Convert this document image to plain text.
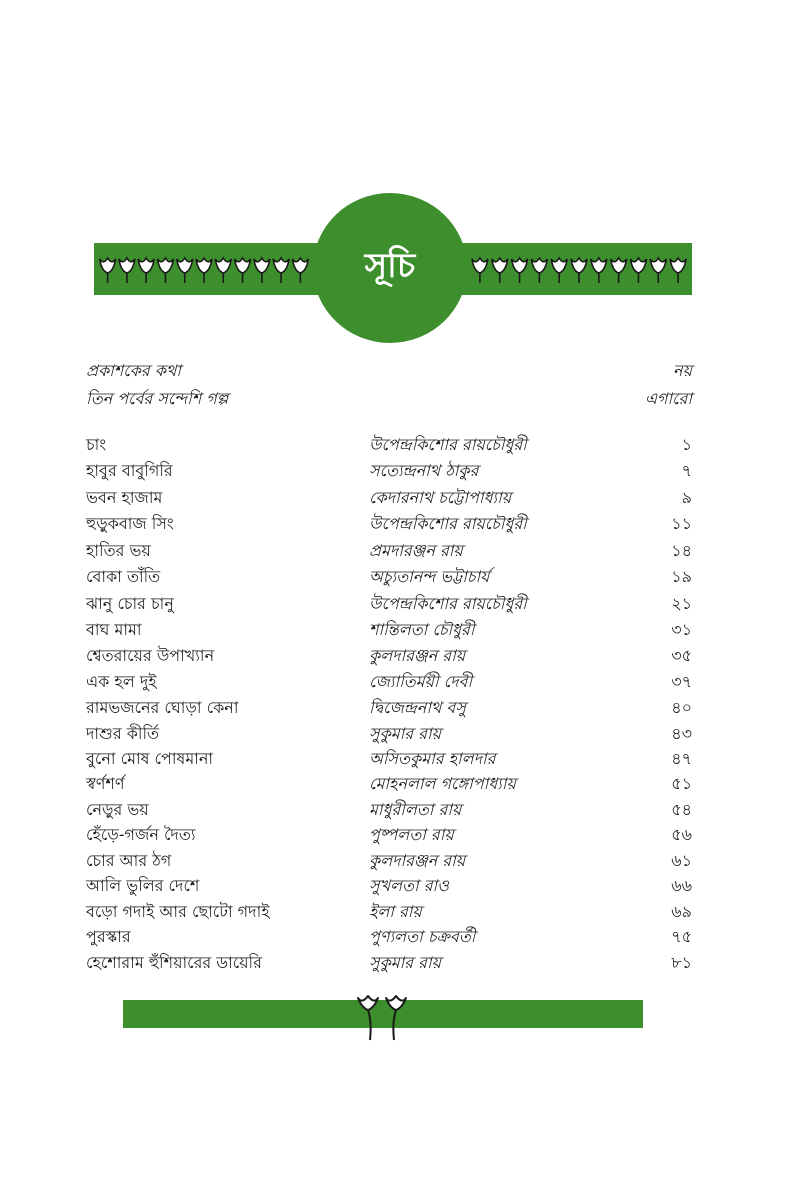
সূচি
প্রকাশকের কথা	নয়
তিন পর্বের সন্দেশি গল্প	এগারো
চাং	উপেন্দ্রকিশোর রায়চৌধুরী	১
হাবুর বাবুগিরি	সত্যেন্দ্রনাথ ঠাকুর	৭
ভবন হাজাম	কেদারনাথ চট্টোপাধ্যায়	৯
হুড়ুকবাজ সিং	উপেন্দ্রকিশোর রায়চৌধুরী	১১
হাতির ভয়	প্রমদারঞ্জন রায়	১৪
বোকা তাঁতি	অচ্যুতানন্দ ভট্টাচার্য	১৯
ঝানু চোর চানু	উপেন্দ্রকিশোর রায়চৌধুরী	২১
বাঘ মামা	শান্তিলতা চৌধুরী	৩১
শ্বেতরায়ের উপাখ্যান	কুলদারঞ্জন রায়	৩৫
এক হল দুই	জ্যোতির্ময়ী দেবী	৩৭
রামভজনের ঘোড়া কেনা	দ্বিজেন্দ্রনাথ বসু	৪০
দাশুর কীর্তি	সুকুমার রায়	৪৩
বুনো মোষ পোষমানা	অসিতকুমার হালদার	৪৭
স্বর্ণশর্ণ	মোহনলাল গঙ্গোপাধ্যায়	৫১
নেড়ুর ভয়	মাধুরীলতা রায়	৫৪
হেঁড়ে-গর্জন দৈত্য	পুষ্পলতা রায়	৫৬
চোর আর ঠগ	কুলদারঞ্জন রায়	৬১
আলি ভুলির দেশে	সুখলতা রাও	৬৬
বড়ো গদাই আর ছোটো গদাই	ইলা রায়	৬৯
পুরস্কার	পুণ্যলতা চক্রবর্তী	৭৫
হেশোরাম হুঁশিয়ারের ডায়েরি	সুকুমার রায়	৮১
